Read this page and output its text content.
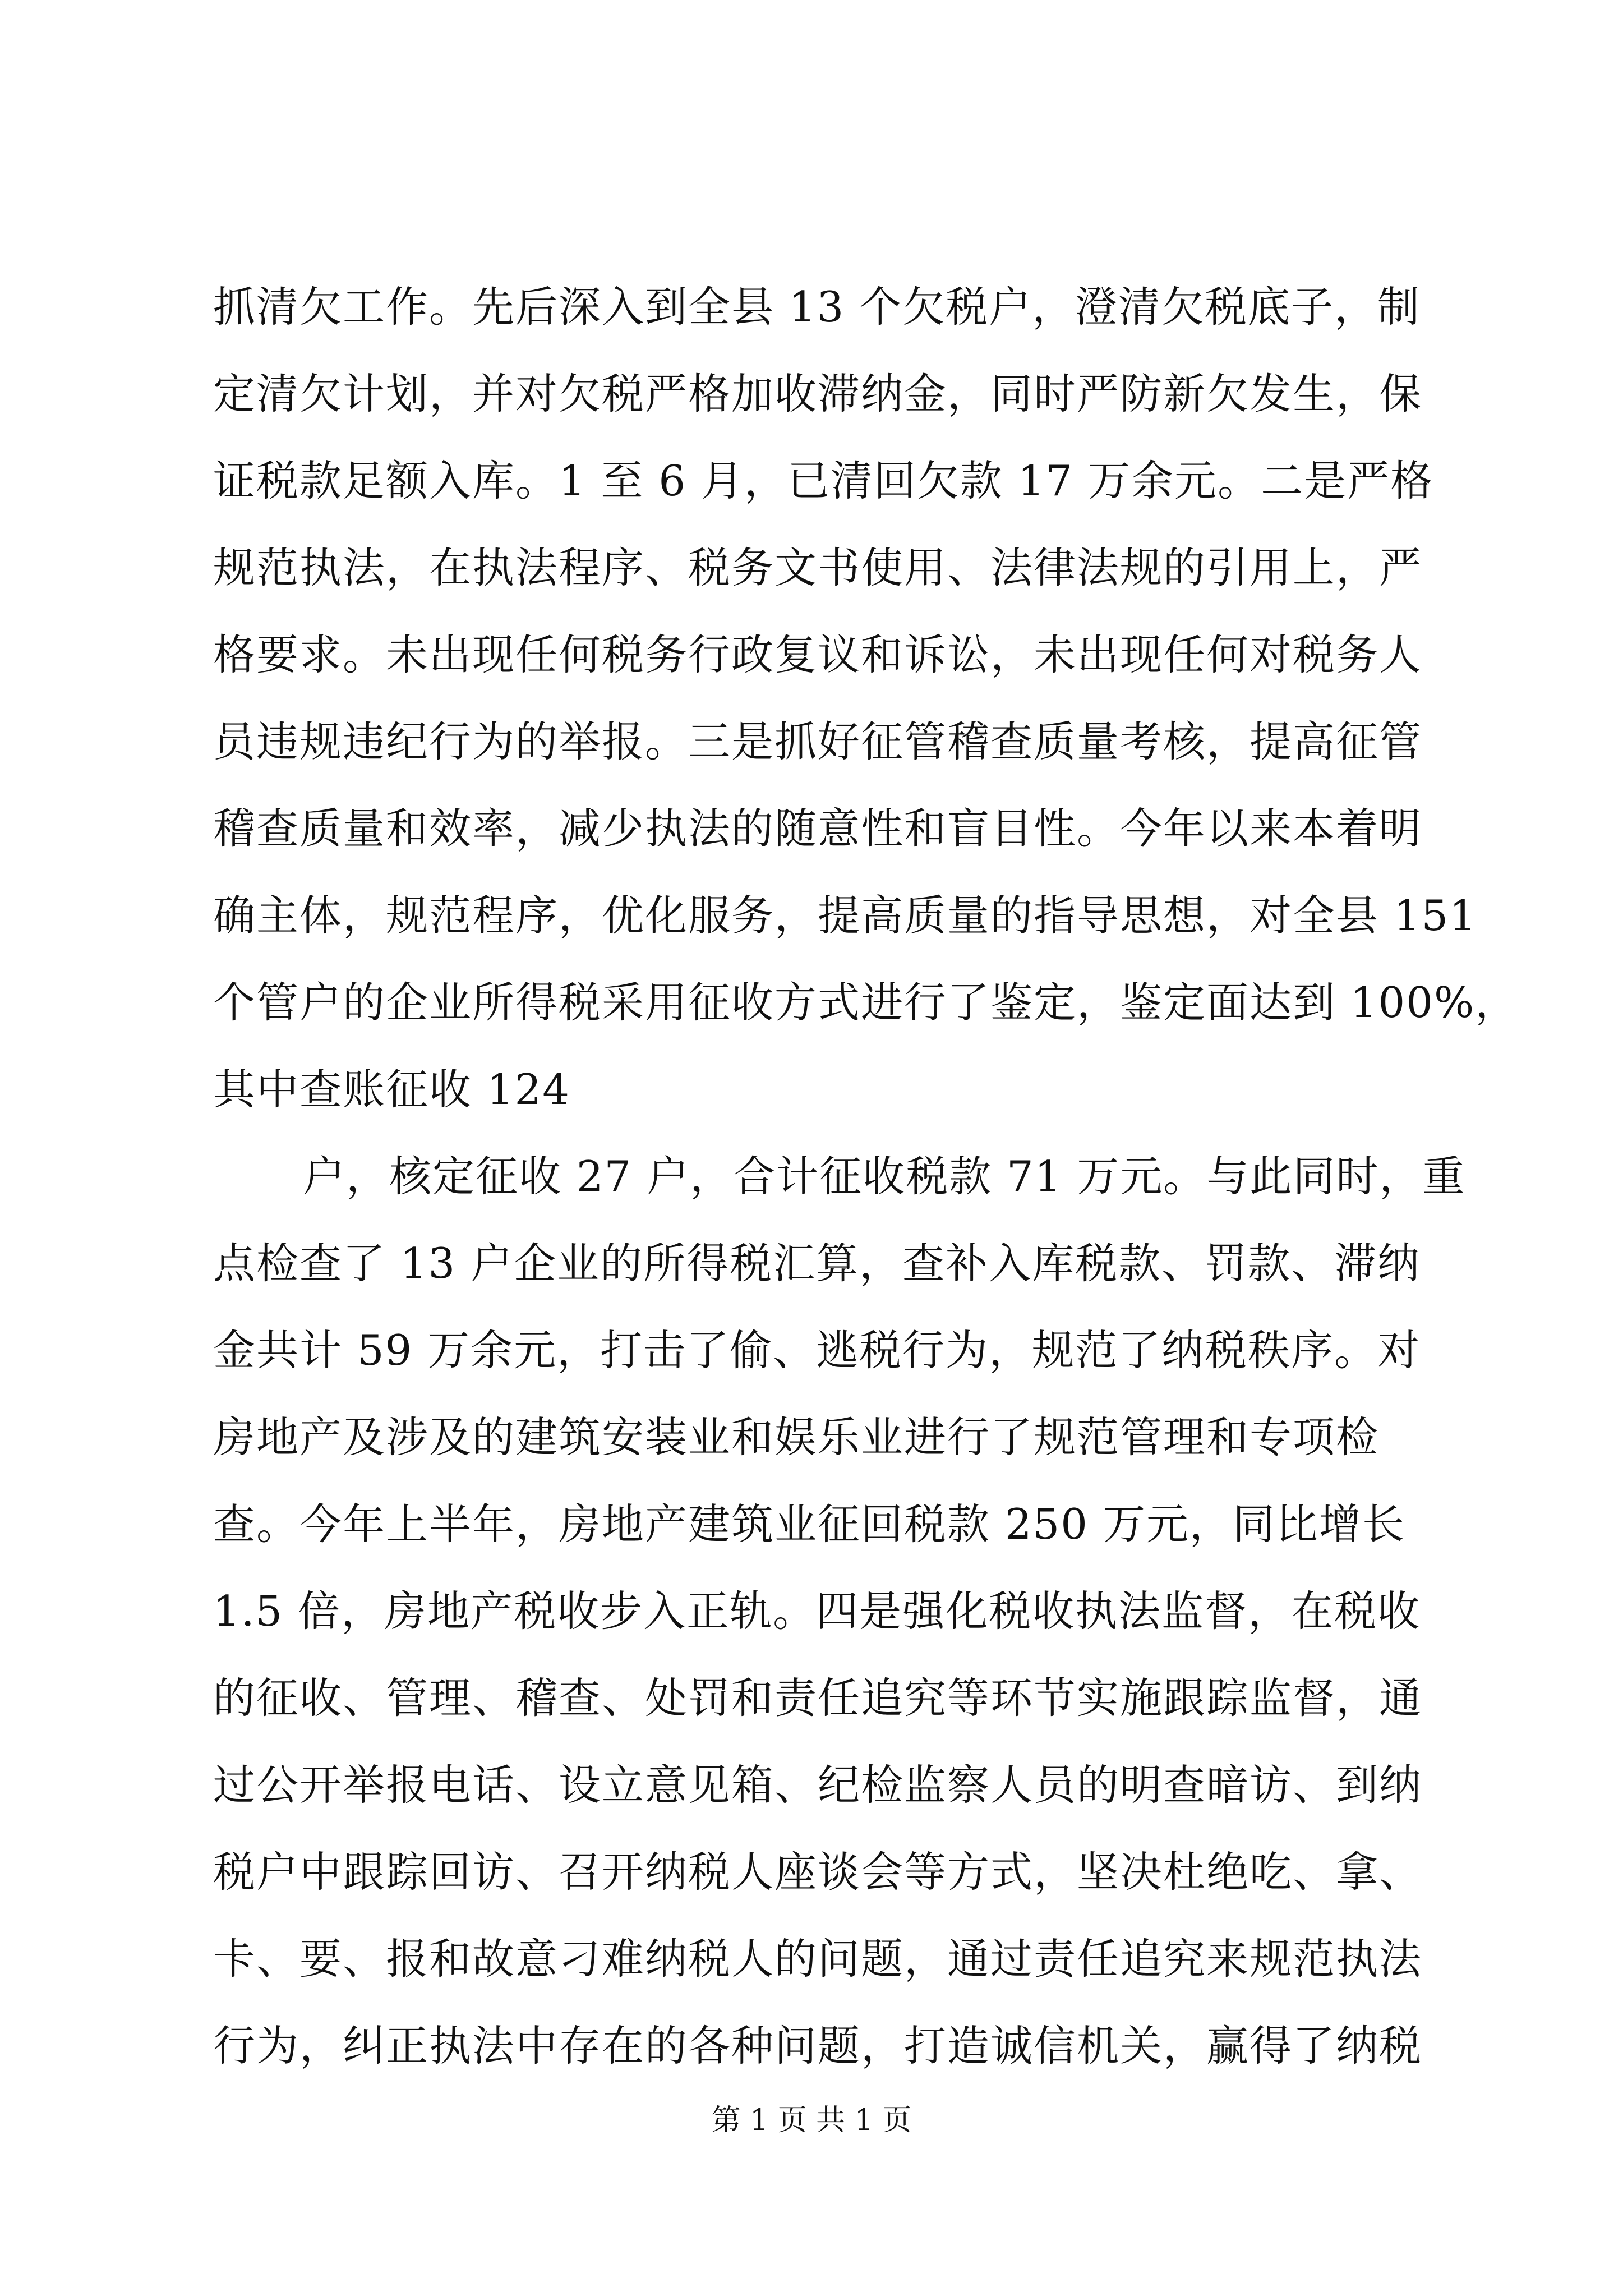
抓清欠工作。先后深入到全县 13 个欠税户，澄清欠税底子，制
定清欠计划，并对欠税严格加收滞纳金，同时严防新欠发生，保
证税款足额入库。1 至 6 月，已清回欠款 17 万余元。二是严格
规范执法，在执法程序、税务文书使用、法律法规的引用上，严
格要求。未出现任何税务行政复议和诉讼，未出现任何对税务人
员违规违纪行为的举报。三是抓好征管稽查质量考核，提高征管
稽查质量和效率，减少执法的随意性和盲目性。今年以来本着明
确主体，规范程序，优化服务，提高质量的指导思想，对全县 151
个管户的企业所得税采用征收方式进行了鉴定，鉴定面达到 100%，
其中查账征收 124
户，核定征收 27 户，合计征收税款 71 万元。与此同时，重
点检查了 13 户企业的所得税汇算，查补入库税款、罚款、滞纳
金共计 59 万余元，打击了偷、逃税行为，规范了纳税秩序。对
房地产及涉及的建筑安装业和娱乐业进行了规范管理和专项检
查。今年上半年，房地产建筑业征回税款 250 万元，同比增长
1.5 倍，房地产税收步入正轨。四是强化税收执法监督，在税收
的征收、管理、稽查、处罚和责任追究等环节实施跟踪监督，通
过公开举报电话、设立意见箱、纪检监察人员的明查暗访、到纳
税户中跟踪回访、召开纳税人座谈会等方式，坚决杜绝吃、拿、
卡、要、报和故意刁难纳税人的问题，通过责任追究来规范执法
行为，纠正执法中存在的各种问题，打造诚信机关，赢得了纳税
第 1 页 共 1 页
